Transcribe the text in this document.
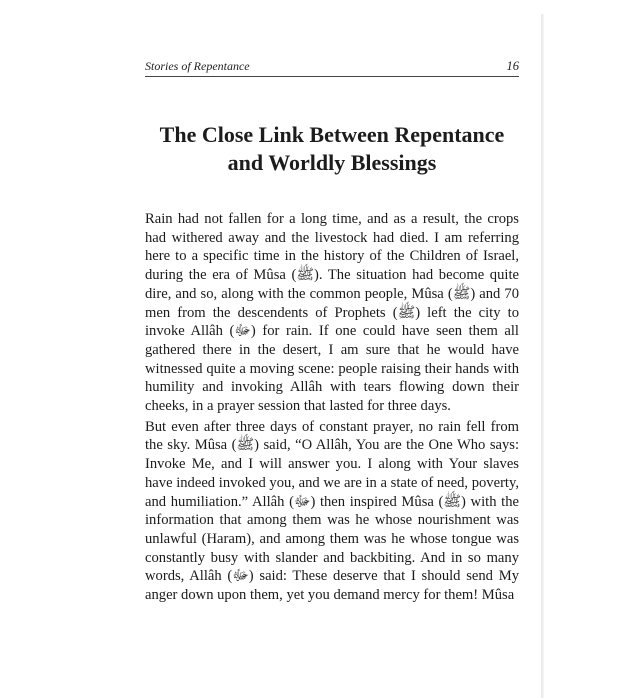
Stories of Repentance	16
The Close Link Between Repentance
and Worldly Blessings

Rain had not fallen for a long time, and as a result, the crops had withered away and the livestock had died. I am referring here to a specific time in the history of the Children of Israel, during the era of Mûsa (ﷺ). The situation had become quite dire, and so, along with the common people, Mûsa (ﷺ) and 70 men from the descendents of Prophets (ﷺ) left the city to invoke Allâh (ﷻ) for rain. If one could have seen them all gathered there in the desert, I am sure that he would have witnessed quite a moving scene: people raising their hands with humility and invoking Allâh with tears flowing down their cheeks, in a prayer session that lasted for three days.

But even after three days of constant prayer, no rain fell from the sky. Mûsa (ﷺ) said, “O Allâh, You are the One Who says: Invoke Me, and I will answer you. I along with Your slaves have indeed invoked you, and we are in a state of need, poverty, and humiliation.” Allâh (ﷻ) then inspired Mûsa (ﷺ) with the information that among them was he whose nourishment was unlawful (Haram), and among them was he whose tongue was constantly busy with slander and backbiting. And in so many words, Allâh (ﷻ) said: These deserve that I should send My anger down upon them, yet you demand mercy for them! Mûsa
